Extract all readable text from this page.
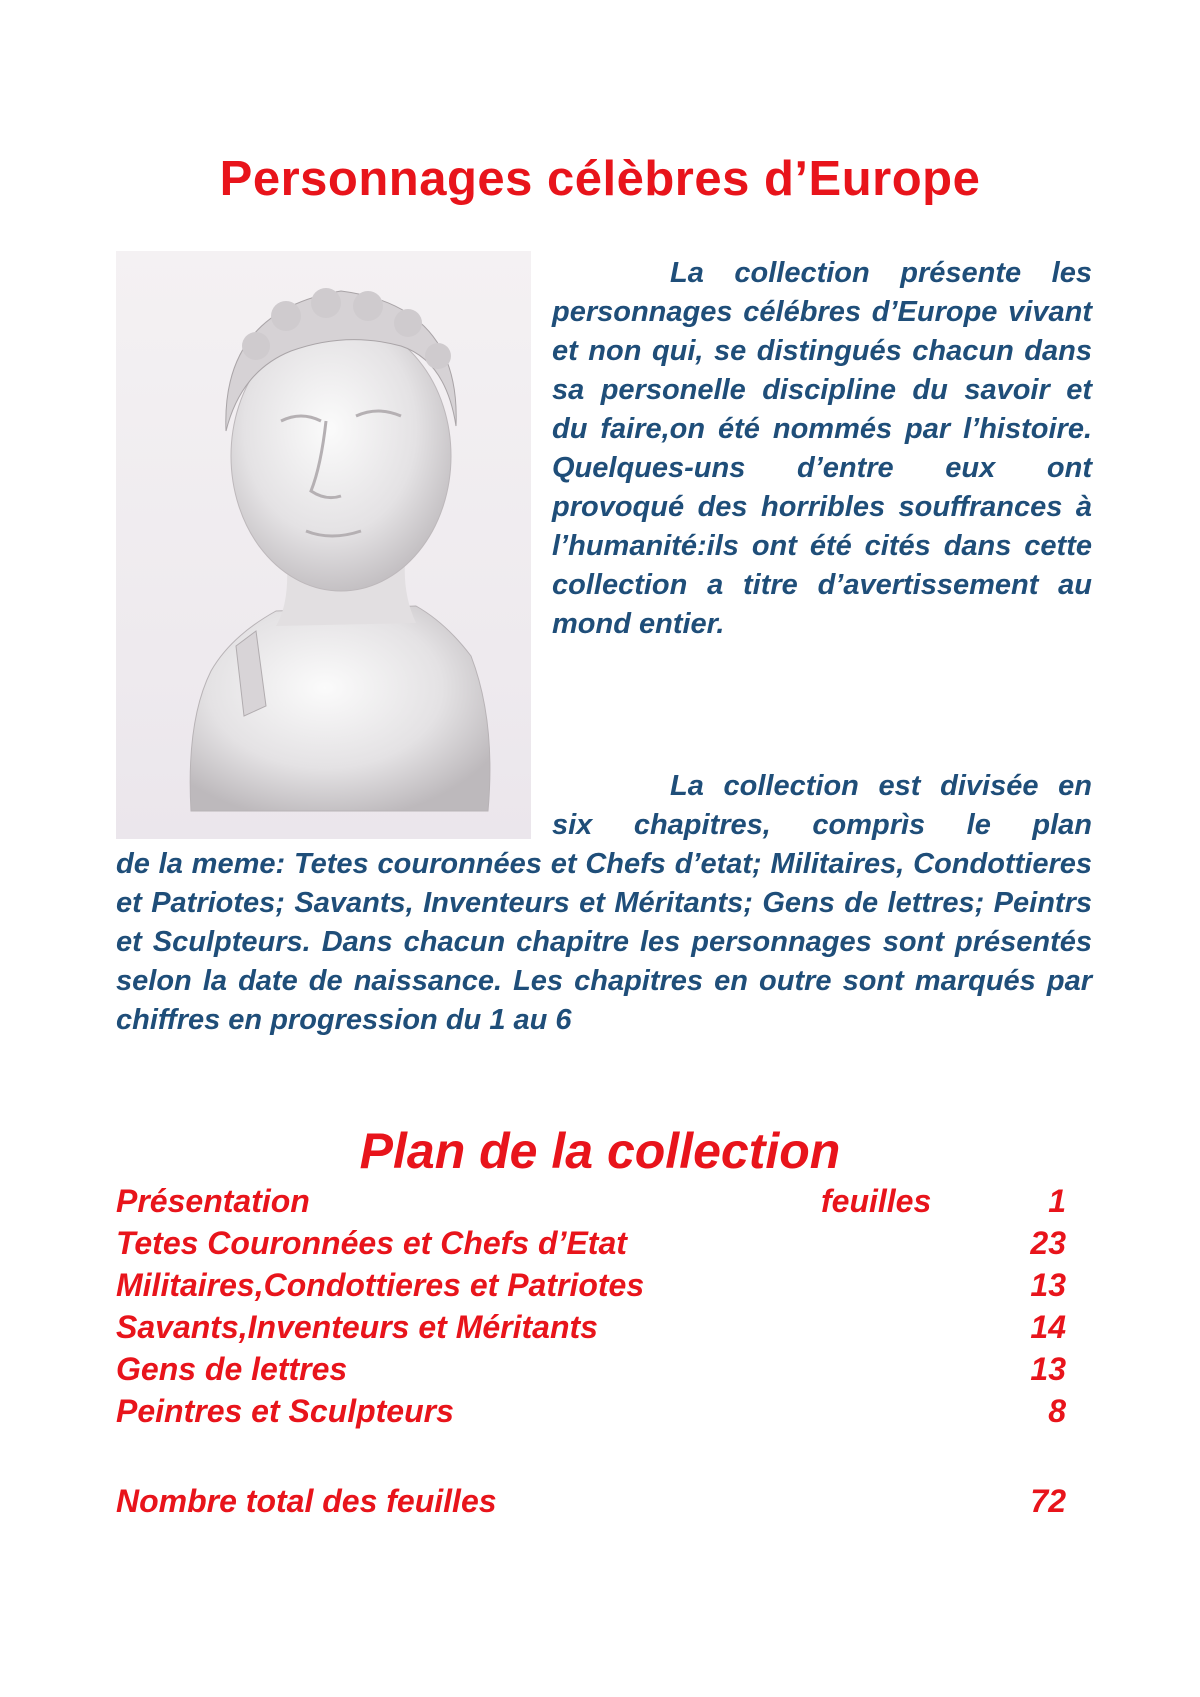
Personnages célèbres d’Europe

La collection présente les personnages célébres d’Europe vivant et non qui, se distingués chacun dans sa personelle discipline du savoir et du faire,on été nommés par l’histoire. Quelques-uns d’entre eux ont provoqué des horribles souffrances à l’humanité:ils ont été cités dans cette collection a titre d’avertissement au mond entier.

La collection est divisée en six chapitres, comprìs le plan

de la meme: Tetes couronnées et Chefs d’etat; Militaires, Condottieres et Patriotes; Savants, Inventeurs et Méritants; Gens de lettres; Peintrs et Sculpteurs. Dans chacun chapitre les personnages sont présentés selon la date de naissance. Les chapitres en outre sont marqués par chiffres en progression du 1 au 6

Plan de la collection
Présentation	feuilles	1
Tetes Couronnées et Chefs d’Etat	23
Militaires,Condottieres et Patriotes	13
Savants,Inventeurs et Méritants	14
Gens de lettres	13
Peintres et Sculpteurs	8
Nombre total des feuilles	72
